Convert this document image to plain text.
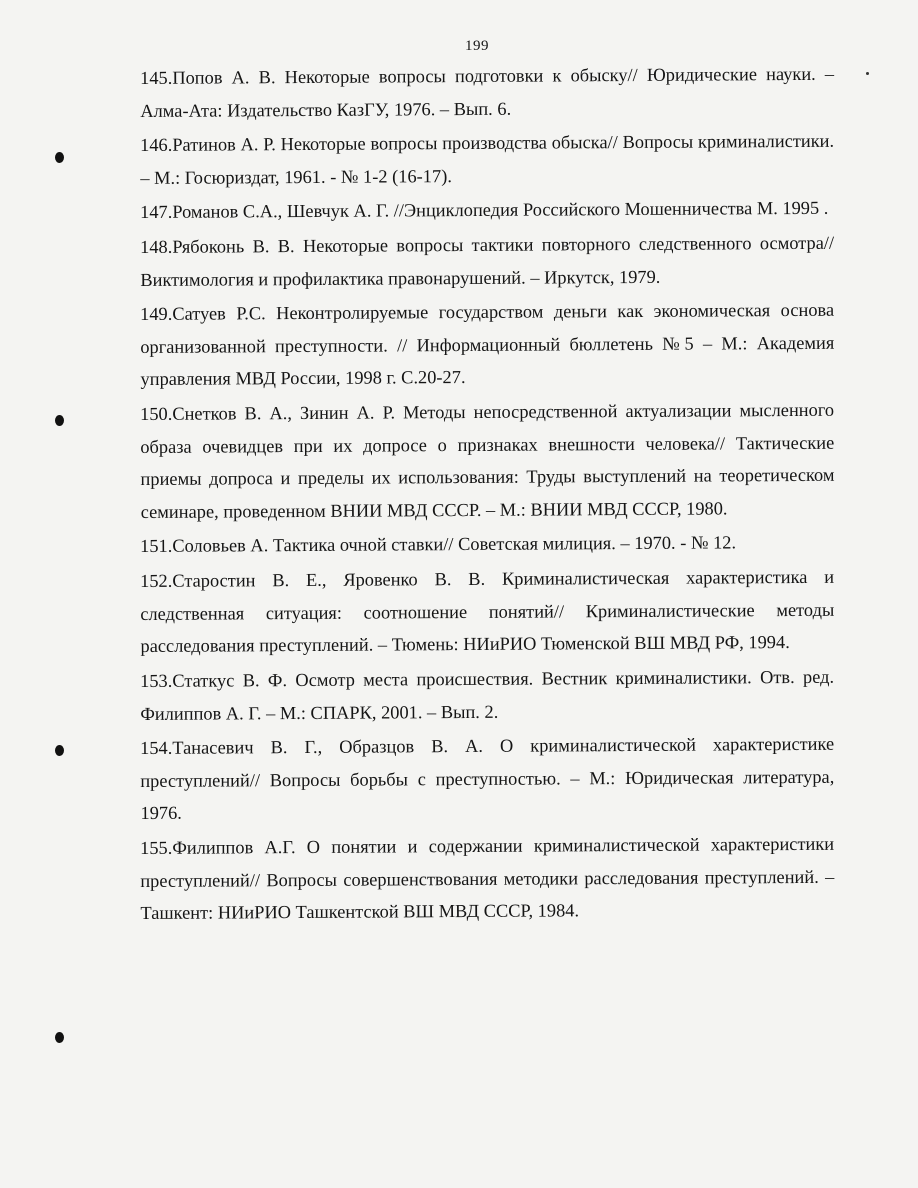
199
145.Попов А. В. Некоторые вопросы подготовки к обыску// Юридические науки. – Алма-Ата: Издательство КазГУ, 1976. – Вып. 6.
146.Ратинов А. Р. Некоторые вопросы производства обыска// Вопросы криминалистики. – М.: Госюриздат, 1961. - № 1-2 (16-17).
147.Романов С.А., Шевчук А. Г. //Энциклопедия Российского Мошенничества М. 1995 .
148.Рябоконь В. В. Некоторые вопросы тактики повторного следственного осмотра// Виктимология и профилактика правонарушений. – Иркутск, 1979.
149.Сатуев Р.С. Неконтролируемые государством деньги как экономическая основа организованной преступности. // Информационный бюллетень №5 – М.: Академия управления МВД России, 1998 г. С.20-27.
150.Снетков В. А., Зинин А. Р. Методы непосредственной актуализации мысленного образа очевидцев при их допросе о признаках внешности человека// Тактические приемы допроса и пределы их использования: Труды выступлений на теоретическом семинаре, проведенном ВНИИ МВД СССР. – М.: ВНИИ МВД СССР, 1980.
151.Соловьев А. Тактика очной ставки// Советская милиция. – 1970. - № 12.
152.Старостин В. Е., Яровенко В. В. Криминалистическая характеристика и следственная ситуация: соотношение понятий// Криминалистические методы расследования преступлений. – Тюмень: НИиРИО Тюменской ВШ МВД РФ, 1994.
153.Статкус В. Ф. Осмотр места происшествия. Вестник криминалистики. Отв. ред. Филиппов А. Г. – М.: СПАРК, 2001. – Вып. 2.
154.Танасевич В. Г., Образцов В. А. О криминалистической характеристике преступлений// Вопросы борьбы с преступностью. – М.: Юридическая литература, 1976.
155.Филиппов А.Г. О понятии и содержании криминалистической характеристики преступлений// Вопросы совершенствования методики расследования преступлений. – Ташкент: НИиРИО Ташкентской ВШ МВД СССР, 1984.
